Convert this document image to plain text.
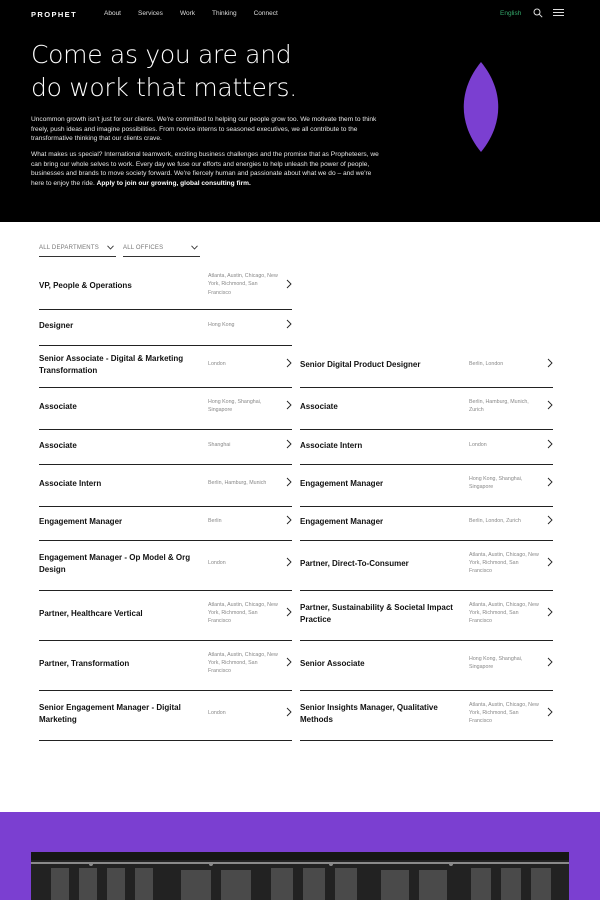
PROPHET	About	Services	Work	Thinking	Connect	English
Come as you are and
do work that matters.

Uncommon growth isn't just for our clients. We're committed to helping our people grow too. We motivate them to think freely, push ideas and imagine possibilities. From novice interns to seasoned executives, we all contribute to the transformative thinking that our clients crave.

What makes us special? International teamwork, exciting business challenges and the promise that as Propheteers, we can bring our whole selves to work. Every day we fuse our efforts and energies to help unleash the power of people, businesses and brands to move society forward. We're fiercely human and passionate about what we do – and we're here to enjoy the ride. Apply to join our growing, global consulting firm.

ALL DEPARTMENTS	ALL OFFICES
VP, People & Operations
Atlanta, Austin, Chicago, New York, Richmond, San Francisco
Designer	Hong Kong
Senior Associate - Digital & Marketing Transformation
London
Associate
Hong Kong, Shanghai, Singapore
Associate	Shanghai
Associate Intern	Berlin, Hamburg, Munich
Engagement Manager	Berlin
Engagement Manager - Op Model & Org Design
London
Partner, Healthcare Vertical
Atlanta, Austin, Chicago, New York, Richmond, San Francisco
Partner, Transformation
Atlanta, Austin, Chicago, New York, Richmond, San Francisco
Senior Engagement Manager - Digital Marketing
London
Senior Digital Product Designer	Berlin, London
Associate
Berlin, Hamburg, Munich, Zurich
Associate Intern	London
Engagement Manager
Hong Kong, Shanghai, Singapore
Engagement Manager	Berlin, London, Zurich
Partner, Direct-To-Consumer
Atlanta, Austin, Chicago, New York, Richmond, San Francisco
Partner, Sustainability & Societal Impact Practice
Atlanta, Austin, Chicago, New York, Richmond, San Francisco
Senior Associate
Hong Kong, Shanghai, Singapore
Senior Insights Manager, Qualitative Methods
Atlanta, Austin, Chicago, New York, Richmond, San Francisco
